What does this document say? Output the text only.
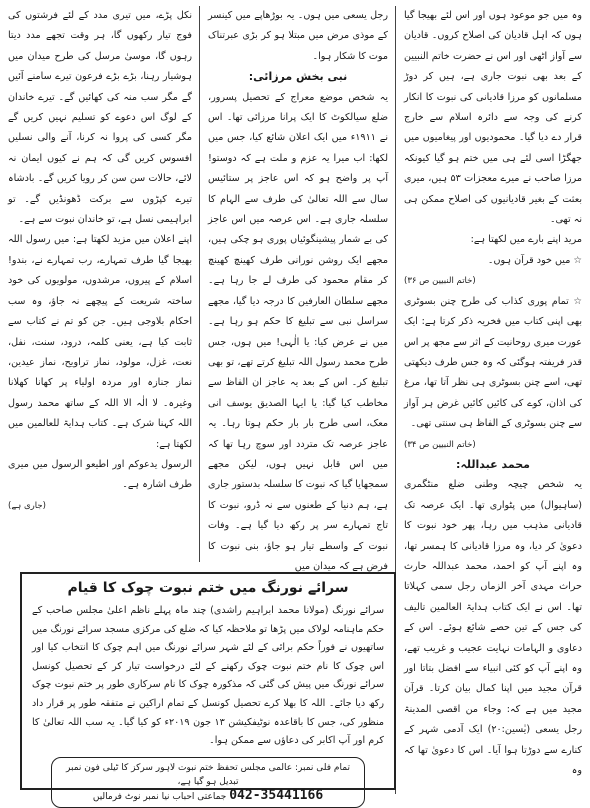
وہ میں جو موعود ہوں اور اس لئے بھیجا گیا ہوں کہ اہل قادیان کی اصلاح کروں۔ قادیان سے آواز اٹھی اور اس نے حضرت خاتم النبیین کے بعد بھی نبوت جاری ہے، ہیں کر دوڑ مسلمانوں کو مرزا قادیانی کی نبوت کا انکار کرنے کی وجہ سے دائرہ اسلام سے خارج قرار دے دیا گیا۔ محمودیوں اور پیغامیوں میں جھگڑا اسی لئے ہی میں ختم ہو گیا کیونکہ مرزا صاحب نے میرے معجزات ۵۳ ہیں، میری بعثت کے بغیر قادیانیوں کی اصلاح ممکن ہی نہ تھی۔

مرید اپنے بارے میں لکھتا ہے:

☆ میں خود قرآن ہوں۔

(خاتم النبیین ص ۳۶)

☆ تمام پوری کذاب کی طرح چنن بسوٹری بھی اپنی کتاب میں فخریہ ذکر کرتا ہے: ایک عورت میری روحانیت کے اثر سے مجھ پر اس قدر فریفتہ ہوگئی کہ وہ جس طرف دیکھتی تھی، اسے چنن بسوٹری ہی نظر آتا تھا، مرغ کی اذان، کوے کی کائیں کائیں غرض ہر آواز سے چنن بسوٹری کے الفاظ ہی سنتی تھی۔

(خاتم النبیین ص ۳۴)

محمد عبداللہ:

یہ شخص چیچہ وطنی ضلع منٹگمری (ساہیوال) میں پٹواری تھا۔ ایک عرصہ تک قادیانی مذہب میں رہا، پھر خود نبوت کا دعویٰ کر دیا، وہ مرزا قادیانی کا ہمسر تھا، وہ اپنے آپ کو احمد، محمد عبداللہ حارث حراث مہدی آخر الزماں رجل سمی کہلاتا تھا۔ اس نے ایک کتاب ہدایۃ العالمین تالیف کی جس کے تین حصے شائع ہوئے۔ اس کے دعاوی و الہامات نہایت عجیب و غریب تھے، وہ اپنے آپ کو کئی انبیاء سے افضل بتاتا اور قرآن مجید میں اپنا کمال بیان کرتا۔ قرآن مجید میں ہے کہ: وجاء من اقصی المدینۃ رجل یسعی (یٰسین:۲۰) ایک آدمی شہر کے کنارے سے دوڑتا ہوا آیا۔ اس کا دعویٰ تھا کہ وہ

رجل یسعی میں ہوں۔ یہ بوڑھاپے میں کینسر کے موذی مرض میں مبتلا ہو کر بڑی عبرتناک موت کا شکار ہوا۔

نبی بخش مرزائی:

یہ شخص موضع معراج کے تحصیل پسرور، ضلع سیالکوٹ کا ایک پرانا مرزائی تھا۔ اس نے ۱۹۱۱ء میں ایک اعلان شائع کیا، جس میں لکھا: اب میرا یہ عزم و ملت ہے کہ دوستو! آپ پر واضح ہو کہ اس عاجز پر ستائیس سال سے اللہ تعالیٰ کی طرف سے الہام کا سلسلہ جاری ہے۔ اس عرصہ میں اس عاجز کی بے شمار پیشینگوئیاں پوری ہو چکی ہیں، مجھے ایک روشن نورانی طرف کھینچ کھینچ کر مقام محمود کی طرف لے جا رہا ہے۔ مجھے سلطان العارفین کا درجہ دیا گیا، مجھے سراسل نبی سے تبلیغ کا حکم ہو رہا ہے۔ میں نے عرض کیا: یا الٰہی! میں ہوں، جس طرح محمد رسول اللہ تبلیغ کرتے تھے، تو بھی تبلیغ کر۔ اس کے بعد یہ عاجز ان الفاظ سے مخاطب کیا گیا: یا ایہا الصدیق یوسف انی معک، اسی طرح بار بار حکم ہوتا رہا۔ یہ عاجز عرصہ تک متردد اور سوچ رہا تھا کہ میں اس قابل نہیں ہوں، لیکن مجھے سمجھایا گیا کہ نبوت کا سلسلہ بدستور جاری ہے، ہم دنیا کے طعنوں سے نہ ڈرو، نبوت کا تاج تمہارے سر پر رکھ دیا گیا ہے۔ وفات نبوت کے واسطے تیار ہو جاؤ، بنی نبوت کا فرض ہے کہ میدان میں

نکل پڑے، میں تیری مدد کے لئے فرشتوں کی فوج تیار رکھوں گا، ہر وقت تجھے مدد دیتا رہوں گا، موسیٰ مرسل کی طرح میدان میں ہوشیار رہنا، بڑے بڑے فرعون تیرے سامنے آئیں گے مگر سب منہ کی کھائیں گے۔ تیرے خاندان کے لوگ اس دعوے کو تسلیم نہیں کریں گے مگر کسی کی پروا نہ کرنا، آنے والی نسلیں افسوس کریں گی کہ ہم نے کیوں ایمان نہ لائے، حالات سن سن کر رویا کریں گے۔ بادشاہ تیرے کپڑوں سے برکت ڈھونڈیں گے۔ تو ابراہیمی نسل ہے، تو خاندان نبوت سے ہے۔

اپنے اعلان میں مزید لکھتا ہے: میں رسول اللہ بھیجا گیا طرف تمہارے، رب تمہارے نے، بندو! اسلام کے پیروں، مرشدوں، مولویوں کی خود ساختہ شریعت کے پیچھے نہ جاؤ، وہ سب احکام بلاوجی ہیں۔ جن کو تم نے کتاب سے ثابت کیا ہے، یعنی کلمہ، درود، سنت، نفل، نعت، غزل، مولود، نماز تراویح، نماز عیدین، نماز جنازہ اور مردہ اولیاء پر کھانا کھلانا وغیرہ۔ لا الٰہ الا اللہ کے ساتھ محمد رسول اللہ کہنا شرک ہے۔ کتاب ہدایۃ للعالمین میں لکھتا ہے:

الرسول یدعوکم اور اطیعو الرسول میں میری طرف اشارہ ہے۔

(جاری ہے)

سرائے نورنگ میں ختم نبوت چوک کا قیام
سرائے نورنگ (مولانا محمد ابراہیم راشدی) چند ماہ پہلے ناظم اعلیٰ مجلس صاحب کے حکم ماہنامہ لولاک میں پڑھا تو ملاحظہ کیا کہ ضلع کی مرکزی مسجد سرائے نورنگ میں ساتھیوں نے فوراً حکم برائی کے لئے شہر سرائے نورنگ میں اہم چوک کا انتخاب کیا اور اس چوک کا نام ختم نبوت چوک رکھنے کے لئے درخواست تیار کر کے تحصیل کونسل سرائے نورنگ میں پیش کی گئی کہ مذکورہ چوک کا نام سرکاری طور پر ختم نبوت چوک رکھ دیا جائے۔ اللہ کا بھلا کرے تحصیل کونسل کے تمام اراکین نے متفقہ طور پر قرار داد منظور کی، جس کا باقاعدہ نوٹیفکیشن ۱۳ جون ۲۰۱۹ء کو کیا گیا۔ یہ سب اللہ تعالیٰ کا کرم اور آپ اکابر کی دعاؤں سے ممکن ہوا۔
تمام فلی نمبر: عالمی مجلس تحفظ ختم نبوت لاہور سرکز کا ٹیلی فون نمبر تبدیل ہو گیا ہے،
042-35441166 جماعتی احباب نیا نمبر نوٹ فرمالیں
